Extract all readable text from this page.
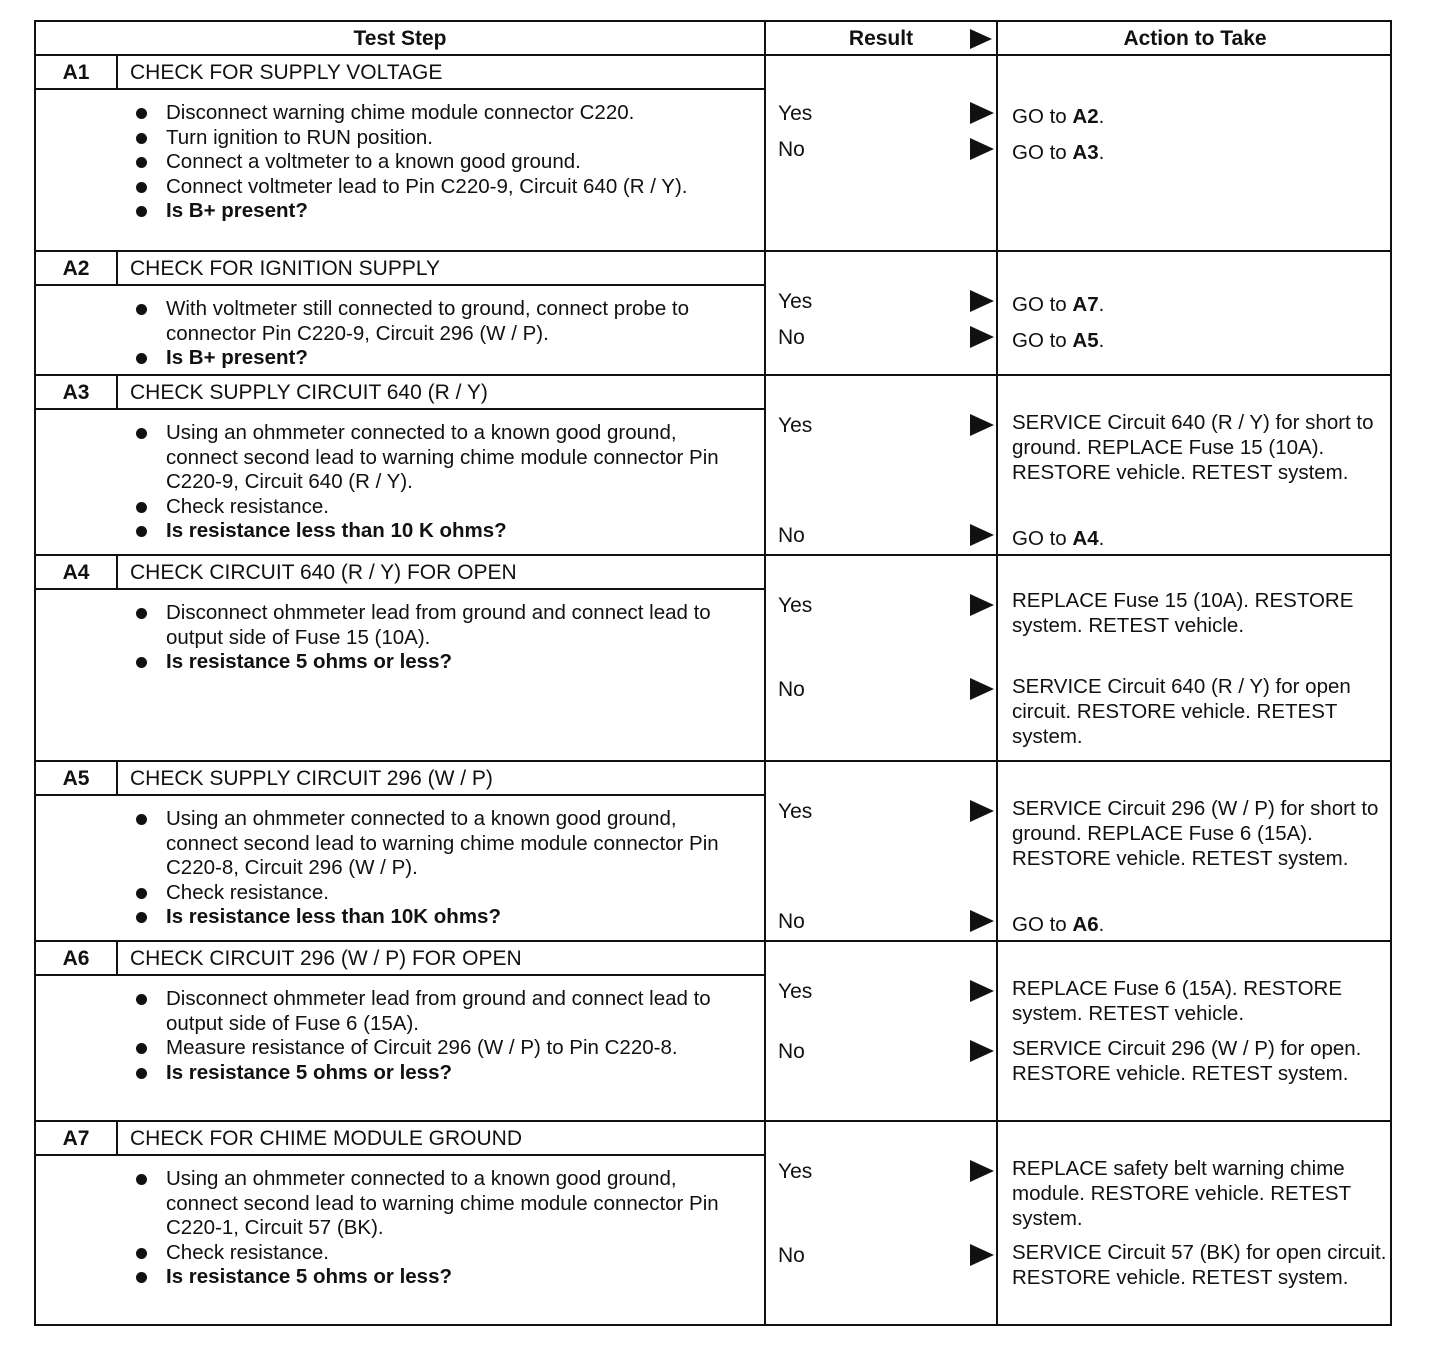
Test Step	Result	Action to Take
A1	CHECK FOR SUPPLY VOLTAGE
Disconnect warning chime module connector C220.
Turn ignition to RUN position.
Connect a voltmeter to a known good ground.
Connect voltmeter lead to Pin C220-9, Circuit 640 (R / Y).
Is B+ present?
Yes	GO to A2.
No	GO to A3.
A2	CHECK FOR IGNITION SUPPLY
With voltmeter still connected to ground, connect probe to connector Pin C220-9, Circuit 296 (W / P).
Is B+ present?
Yes	GO to A7.
No	GO to A5.
A3	CHECK SUPPLY CIRCUIT 640 (R / Y)
Using an ohmmeter connected to a known good ground, connect second lead to warning chime module connector Pin C220-9, Circuit 640 (R / Y).
Check resistance.
Is resistance less than 10 K ohms?
Yes	SERVICE Circuit 640 (R / Y) for short to ground. REPLACE Fuse 15 (10A). RESTORE vehicle. RETEST system.
No	GO to A4.
A4	CHECK CIRCUIT 640 (R / Y) FOR OPEN
Disconnect ohmmeter lead from ground and connect lead to output side of Fuse 15 (10A).
Is resistance 5 ohms or less?
Yes	REPLACE Fuse 15 (10A). RESTORE system. RETEST vehicle.
No	SERVICE Circuit 640 (R / Y) for open circuit. RESTORE vehicle. RETEST system.
A5	CHECK SUPPLY CIRCUIT 296 (W / P)
Using an ohmmeter connected to a known good ground, connect second lead to warning chime module connector Pin C220-8, Circuit 296 (W / P).
Check resistance.
Is resistance less than 10K ohms?
Yes	SERVICE Circuit 296 (W / P) for short to ground. REPLACE Fuse 6 (15A). RESTORE vehicle. RETEST system.
No	GO to A6.
A6	CHECK CIRCUIT 296 (W / P) FOR OPEN
Disconnect ohmmeter lead from ground and connect lead to output side of Fuse 6 (15A).
Measure resistance of Circuit 296 (W / P) to Pin C220-8.
Is resistance 5 ohms or less?
Yes	REPLACE Fuse 6 (15A). RESTORE system. RETEST vehicle.
No	SERVICE Circuit 296 (W / P) for open. RESTORE vehicle. RETEST system.
A7	CHECK FOR CHIME MODULE GROUND
Using an ohmmeter connected to a known good ground, connect second lead to warning chime module connector Pin C220-1, Circuit 57 (BK).
Check resistance.
Is resistance 5 ohms or less?
Yes	REPLACE safety belt warning chime module. RESTORE vehicle. RETEST system.
No	SERVICE Circuit 57 (BK) for open circuit. RESTORE vehicle. RETEST system.
